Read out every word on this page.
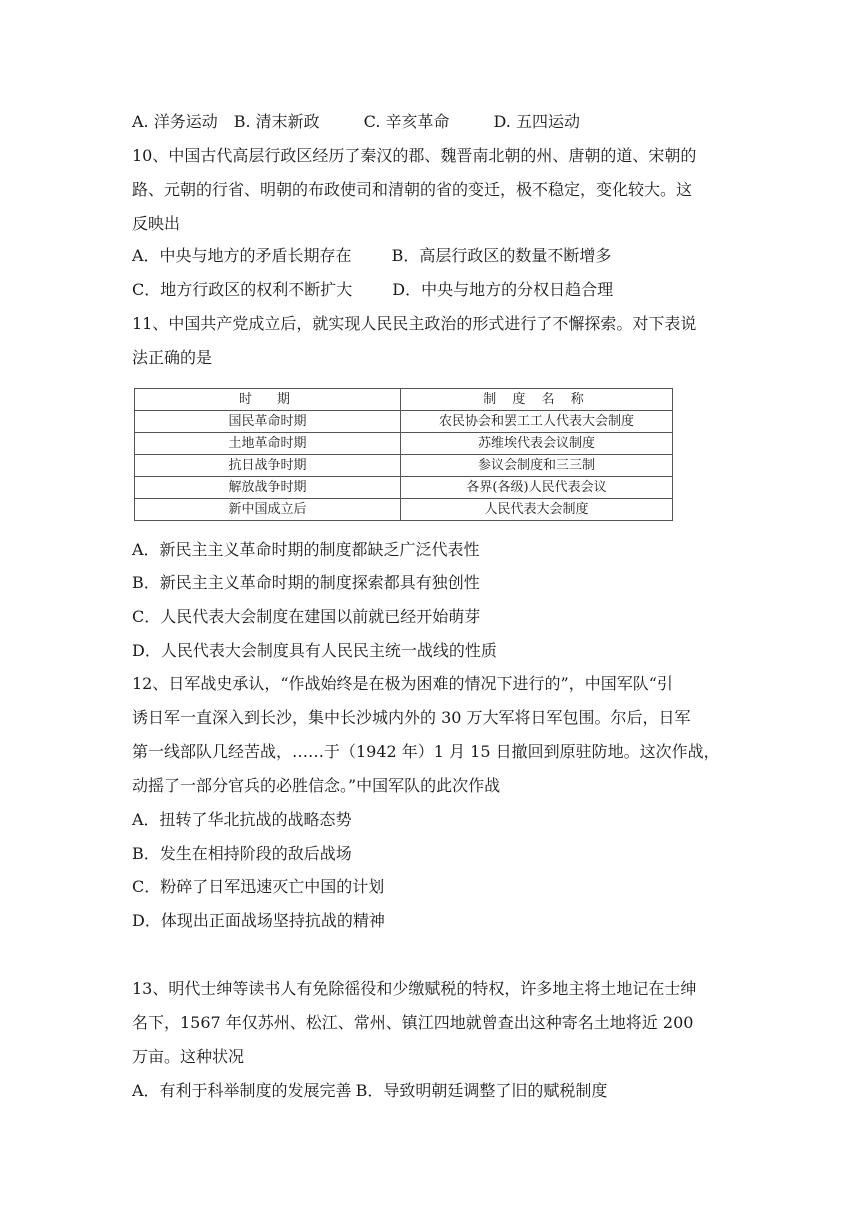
A. 洋务运动 B. 清末新政	C. 辛亥革命	D. 五四运动
10、中国古代高层行政区经历了秦汉的郡、魏晋南北朝的州、唐朝的道、宋朝的
路、元朝的行省、明朝的布政使司和清朝的省的变迁，极不稳定，变化较大。这
反映出
A．中央与地方的矛盾长期存在	B．高层行政区的数量不断增多
C．地方行政区的权利不断扩大	D．中央与地方的分权日趋合理
11、中国共产党成立后，就实现人民民主政治的形式进行了不懈探索。对下表说
法正确的是
时　期	制 度 名 称
国民革命时期	农民协会和罢工工人代表大会制度
土地革命时期	苏维埃代表会议制度
抗日战争时期	参议会制度和三三制
解放战争时期	各界(各级)人民代表会议
新中国成立后	人民代表大会制度
A．新民主主义革命时期的制度都缺乏广泛代表性
B．新民主主义革命时期的制度探索都具有独创性
C．人民代表大会制度在建国以前就已经开始萌芽
D．人民代表大会制度具有人民民主统一战线的性质
12、日军战史承认，“作战始终是在极为困难的情况下进行的”，中国军队“引
诱日军一直深入到长沙，集中长沙城内外的 30 万大军将日军包围。尔后，日军
第一线部队几经苦战，……于（1942 年）1 月 15 日撤回到原驻防地。这次作战，
动摇了一部分官兵的必胜信念。”中国军队的此次作战
A．扭转了华北抗战的战略态势
B．发生在相持阶段的敌后战场
C．粉碎了日军迅速灭亡中国的计划
D．体现出正面战场坚持抗战的精神
13、明代士绅等读书人有免除徭役和少缴赋税的特权，许多地主将土地记在士绅
名下，1567 年仅苏州、松江、常州、镇江四地就曾查出这种寄名土地将近 200
万亩。这种状况
A．有利于科举制度的发展完善 B．导致明朝廷调整了旧的赋税制度
